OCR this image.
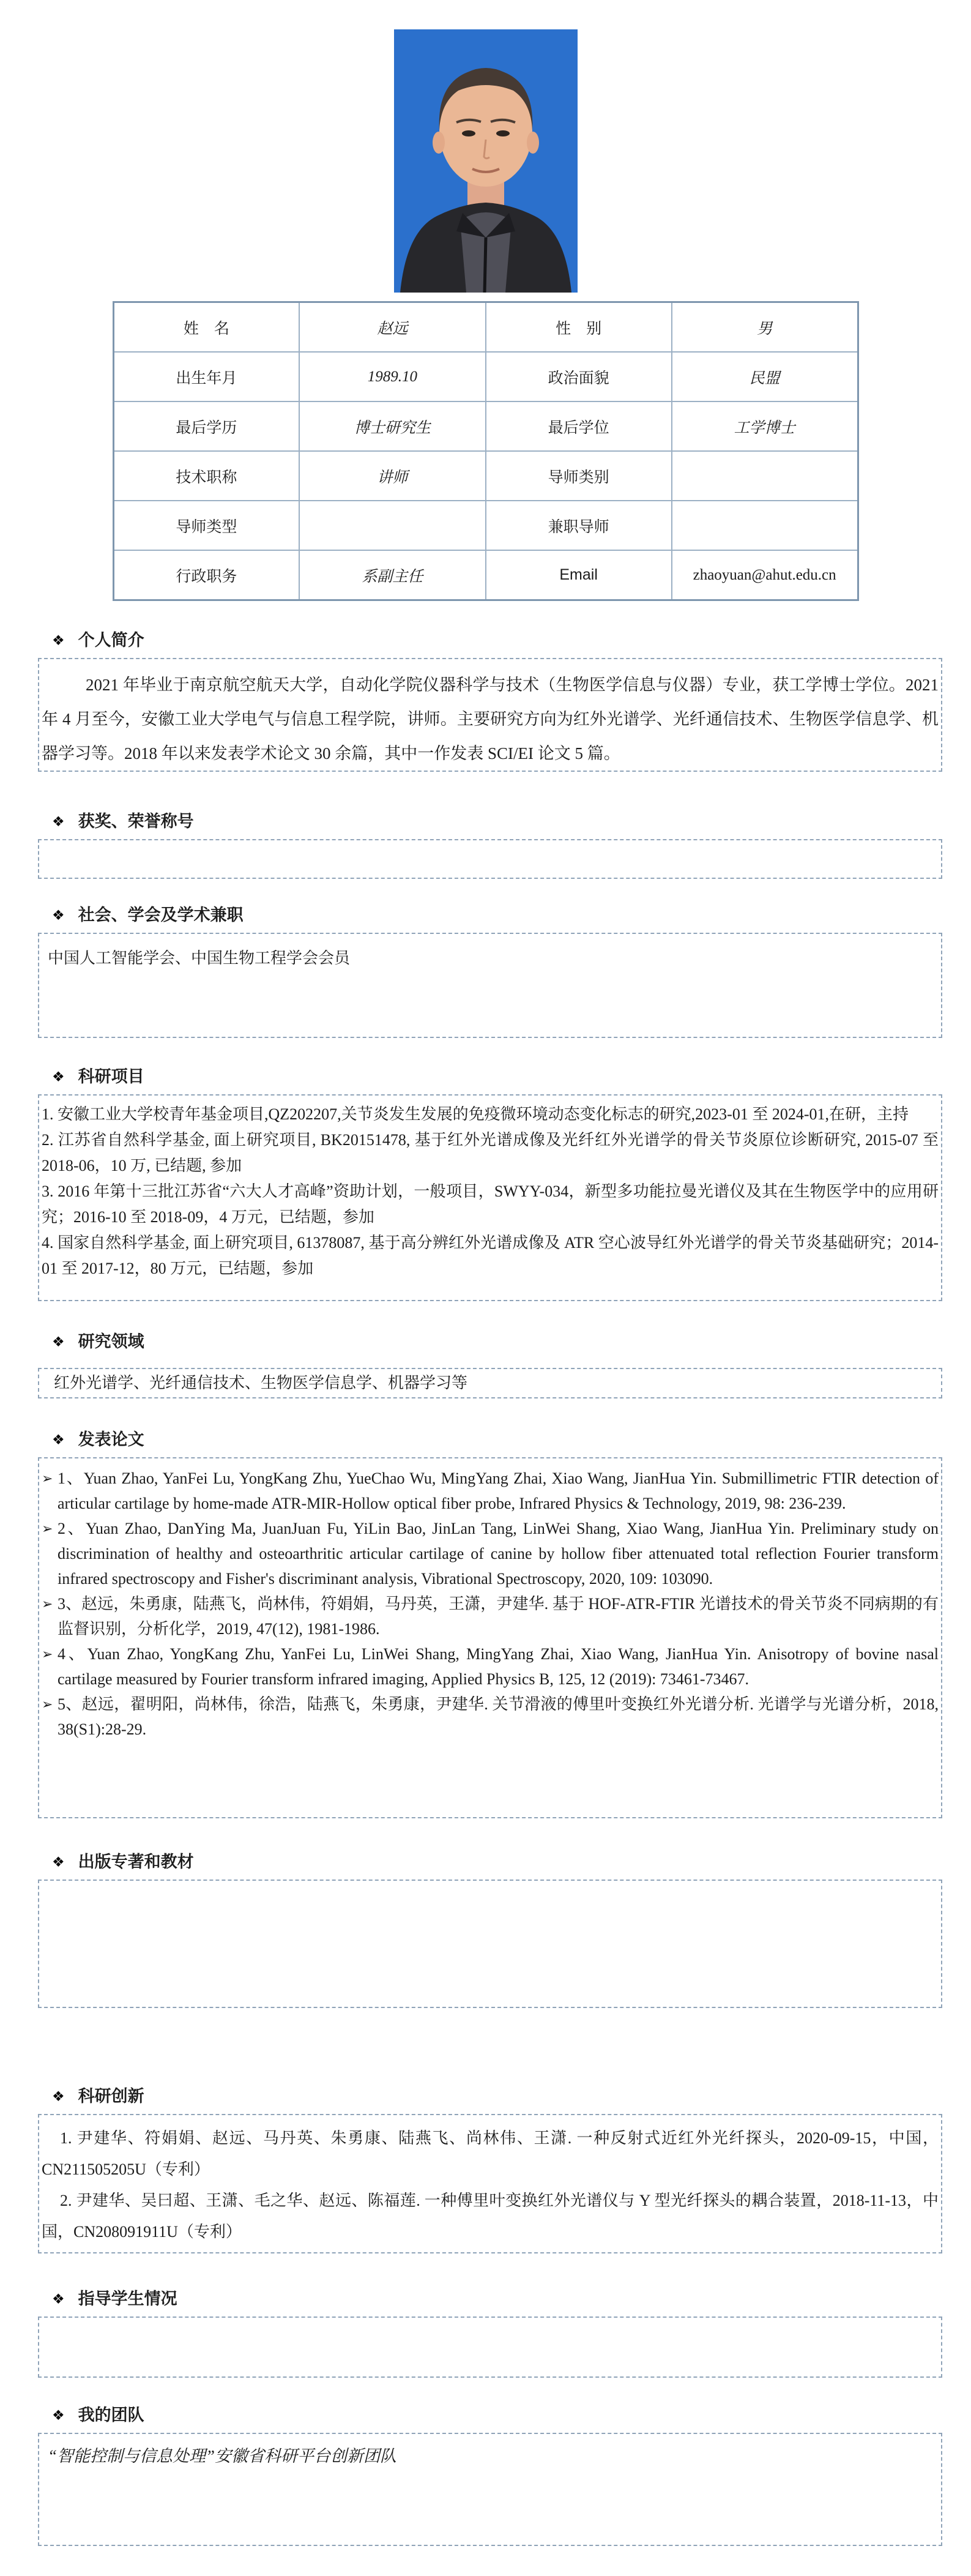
姓　名	赵远	性　别	男
出生年月	1989.10	政治面貌	民盟
最后学历	博士研究生	最后学位	工学博士
技术职称	讲师	导师类别	
导师类型		兼职导师	
行政职务	系副主任	Email	zhaoyuan@ahut.edu.cn
❖ 个人简介

2021 年毕业于南京航空航天大学，自动化学院仪器科学与技术（生物医学信息与仪器）专业，获工学博士学位。2021 年 4 月至今，安徽工业大学电气与信息工程学院，讲师。主要研究方向为红外光谱学、光纤通信技术、生物医学信息学、机器学习等。2018 年以来发表学术论文 30 余篇，其中一作发表 SCI/EI 论文 5 篇。

❖ 获奖、荣誉称号

❖ 社会、学会及学术兼职

中国人工智能学会、中国生物工程学会会员

❖ 科研项目

1. 安徽工业大学校青年基金项目,QZ202207,关节炎发生发展的免疫微环境动态变化标志的研究,2023-01 至 2024-01,在研，主持

2. 江苏省自然科学基金, 面上研究项目, BK20151478, 基于红外光谱成像及光纤红外光谱学的骨关节炎原位诊断研究, 2015-07 至 2018-06，10 万, 已结题, 参加

3. 2016 年第十三批江苏省“六大人才高峰”资助计划，一般项目，SWYY-034，新型多功能拉曼光谱仪及其在生物医学中的应用研究；2016-10 至 2018-09，4 万元，已结题，参加

4. 国家自然科学基金, 面上研究项目, 61378087, 基于高分辨红外光谱成像及 ATR 空心波导红外光谱学的骨关节炎基础研究；2014-01 至 2017-12，80 万元，已结题，参加

❖ 研究领域

红外光谱学、光纤通信技术、生物医学信息学、机器学习等

❖ 发表论文
➢ 1、Yuan Zhao, YanFei Lu, YongKang Zhu, YueChao Wu, MingYang Zhai, Xiao Wang, JianHua Yin. Submillimetric FTIR detection of articular cartilage by home-made ATR-MIR-Hollow optical fiber probe, Infrared Physics & Technology, 2019, 98: 236-239.
➢ 2、Yuan Zhao, DanYing Ma, JuanJuan Fu, YiLin Bao, JinLan Tang, LinWei Shang, Xiao Wang, JianHua Yin. Preliminary study on discrimination of healthy and osteoarthritic articular cartilage of canine by hollow fiber attenuated total reflection Fourier transform infrared spectroscopy and Fisher's discriminant analysis, Vibrational Spectroscopy, 2020, 109: 103090.
➢ 3、赵远，朱勇康，陆燕飞，尚林伟，符娟娟，马丹英，王潇，尹建华. 基于 HOF-ATR-FTIR 光谱技术的骨关节炎不同病期的有监督识别，分析化学，2019, 47(12), 1981-1986.
➢ 4、Yuan Zhao, YongKang Zhu, YanFei Lu, LinWei Shang, MingYang Zhai, Xiao Wang, JianHua Yin. Anisotropy of bovine nasal cartilage measured by Fourier transform infrared imaging, Applied Physics B, 125, 12 (2019): 73461-73467.
➢ 5、赵远，翟明阳，尚林伟，徐浩，陆燕飞，朱勇康，尹建华. 关节滑液的傅里叶变换红外光谱分析. 光谱学与光谱分析，2018, 38(S1):28-29.
❖ 出版专著和教材

❖ 科研创新

1. 尹建华、符娟娟、赵远、马丹英、朱勇康、陆燕飞、尚林伟、王潇. 一种反射式近红外光纤探头，2020-09-15，中国，CN211505205U（专利）

2. 尹建华、吴曰超、王潇、毛之华、赵远、陈福莲. 一种傅里叶变换红外光谱仪与 Y 型光纤探头的耦合装置，2018-11-13，中国，CN208091911U（专利）

❖ 指导学生情况

❖ 我的团队

“智能控制与信息处理”安徽省科研平台创新团队
